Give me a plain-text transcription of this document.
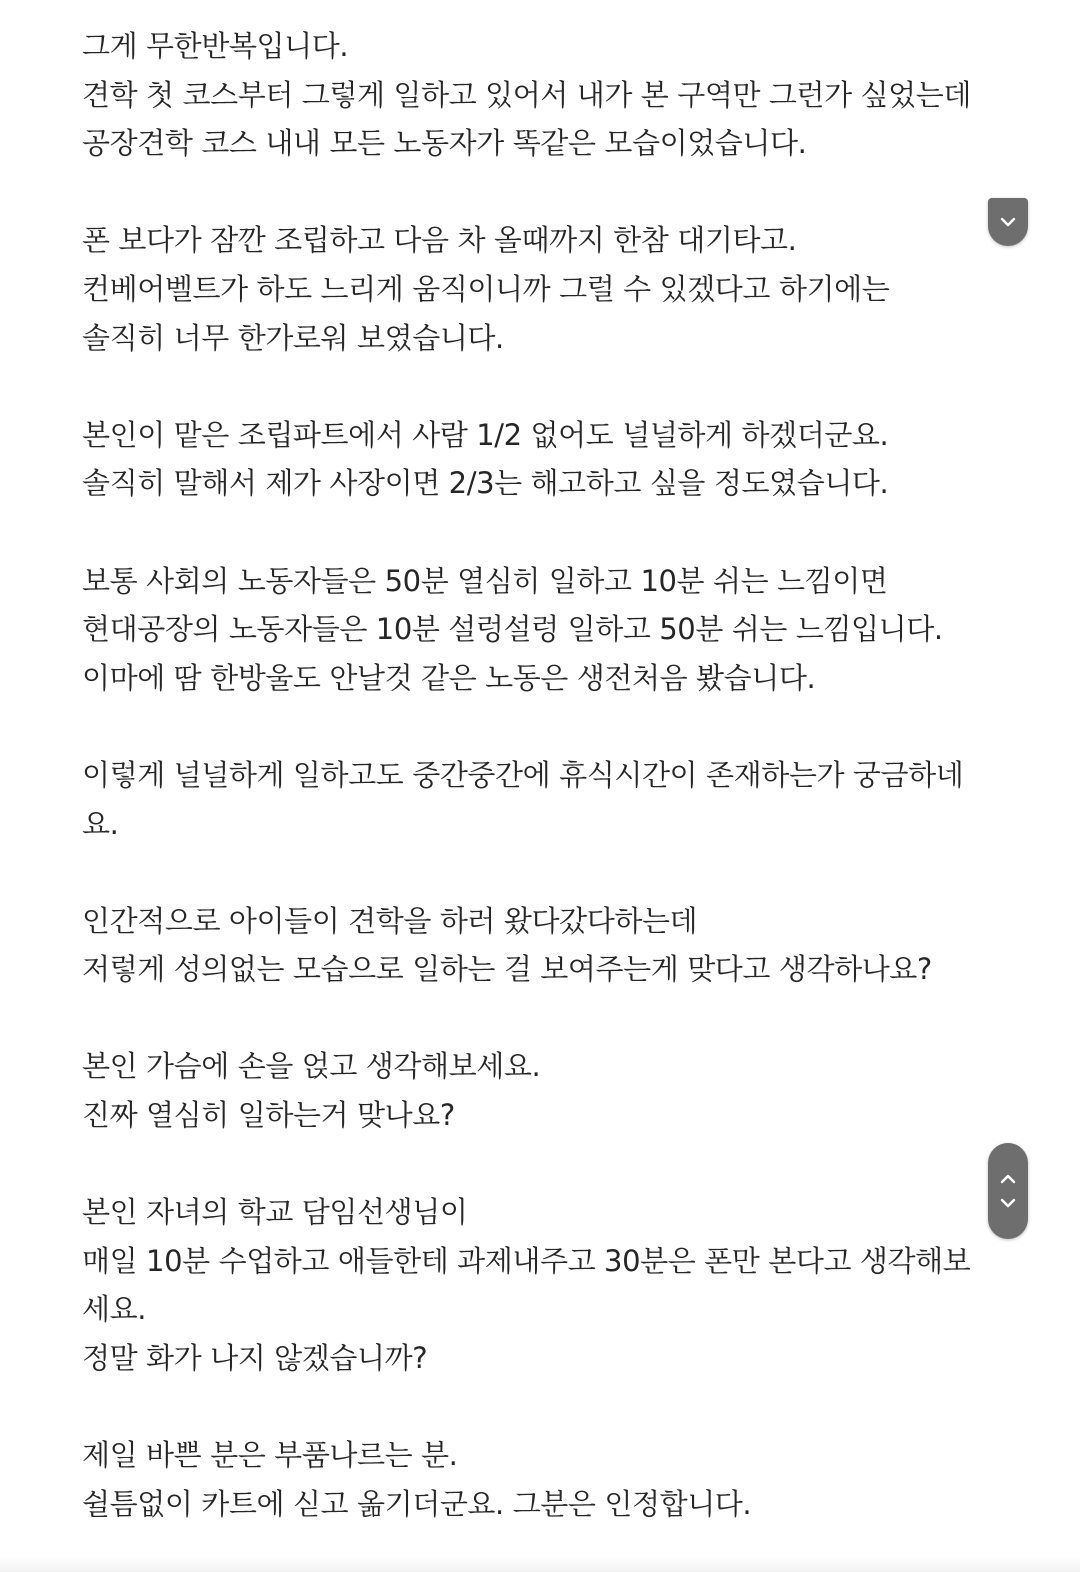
그게 무한반복입니다.
견학 첫 코스부터 그렇게 일하고 있어서 내가 본 구역만 그런가 싶었는데
공장견학 코스 내내 모든 노동자가 똑같은 모습이었습니다.
폰 보다가 잠깐 조립하고 다음 차 올때까지 한참 대기타고.
컨베어벨트가 하도 느리게 움직이니까 그럴 수 있겠다고 하기에는
솔직히 너무 한가로워 보였습니다.
본인이 맡은 조립파트에서 사람 1/2 없어도 널널하게 하겠더군요.
솔직히 말해서 제가 사장이면 2/3는 해고하고 싶을 정도였습니다.
보통 사회의 노동자들은 50분 열심히 일하고 10분 쉬는 느낌이면
현대공장의 노동자들은 10분 설렁설렁 일하고 50분 쉬는 느낌입니다.
이마에 땀 한방울도 안날것 같은 노동은 생전처음 봤습니다.
이렇게 널널하게 일하고도 중간중간에 휴식시간이 존재하는가 궁금하네
요.
인간적으로 아이들이 견학을 하러 왔다갔다하는데
저렇게 성의없는 모습으로 일하는 걸 보여주는게 맞다고 생각하나요?
본인 가슴에 손을 얹고 생각해보세요.
진짜 열심히 일하는거 맞나요?
본인 자녀의 학교 담임선생님이
매일 10분 수업하고 애들한테 과제내주고 30분은 폰만 본다고 생각해보
세요.
정말 화가 나지 않겠습니까?
제일 바쁜 분은 부품나르는 분.
쉴틈없이 카트에 싣고 옮기더군요. 그분은 인정합니다.
